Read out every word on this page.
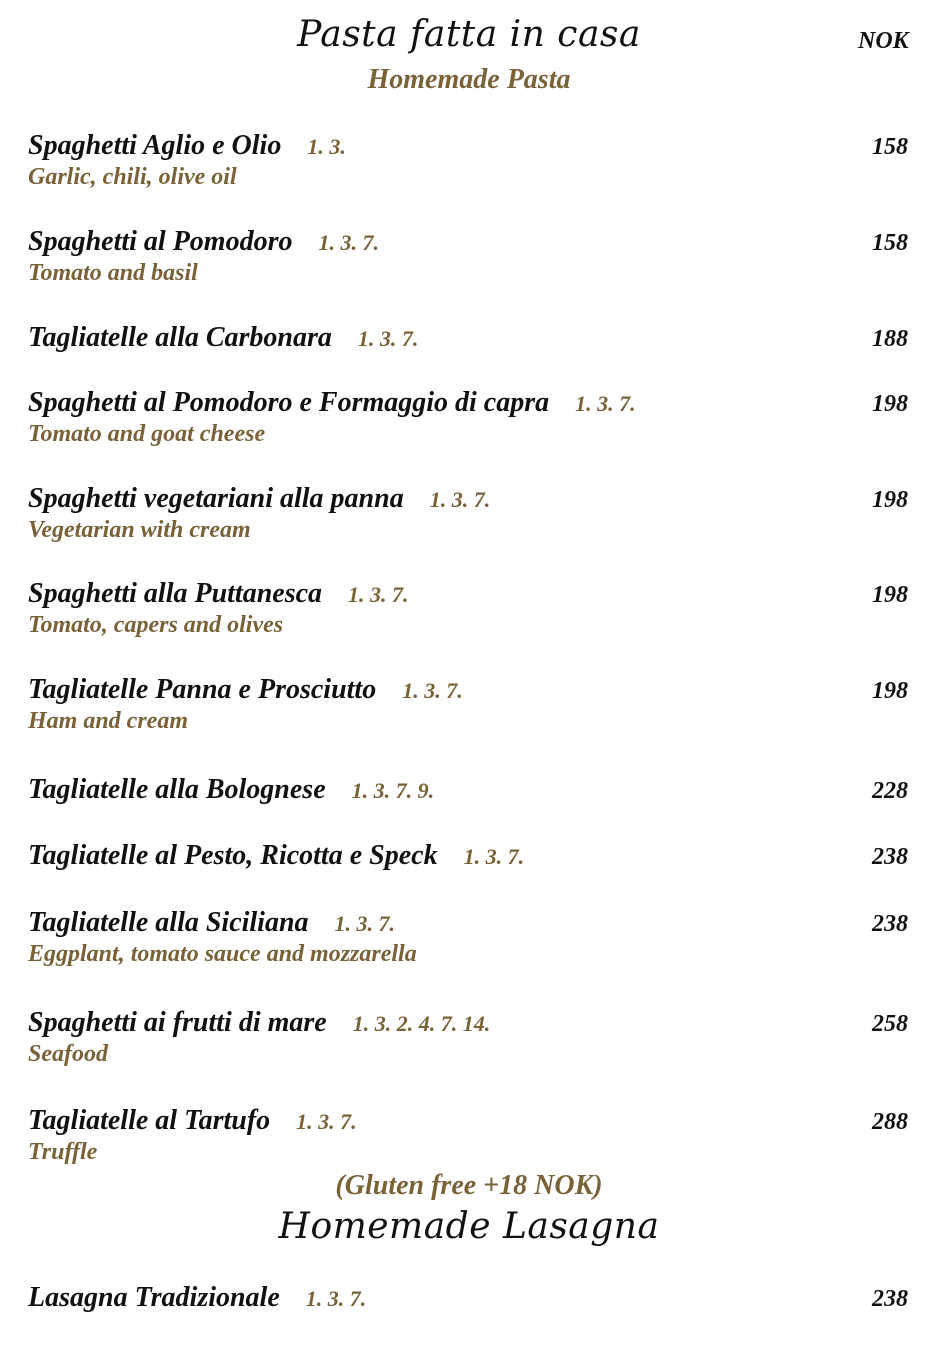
Pasta fatta in casa	NOK
Homemade Pasta
Spaghetti Aglio e Olio 1. 3.	158
Garlic, chili, olive oil
Spaghetti al Pomodoro 1. 3. 7.	158
Tomato and basil
Tagliatelle alla Carbonara 1. 3. 7.	188
Spaghetti al Pomodoro e Formaggio di capra 1. 3. 7.	198
Tomato and goat cheese
Spaghetti vegetariani alla panna 1. 3. 7.	198
Vegetarian with cream
Spaghetti alla Puttanesca 1. 3. 7.	198
Tomato, capers and olives
Tagliatelle Panna e Prosciutto 1. 3. 7.	198
Ham and cream
Tagliatelle alla Bolognese 1. 3. 7. 9.	228
Tagliatelle al Pesto, Ricotta e Speck 1. 3. 7.	238
Tagliatelle alla Siciliana 1. 3. 7.	238
Eggplant, tomato sauce and mozzarella
Spaghetti ai frutti di mare 1. 3. 2. 4. 7. 14.	258
Seafood
Tagliatelle al Tartufo 1. 3. 7.	288
Truffle
(Gluten free +18 NOK)
Homemade Lasagna
Lasagna Tradizionale 1. 3. 7.	238
